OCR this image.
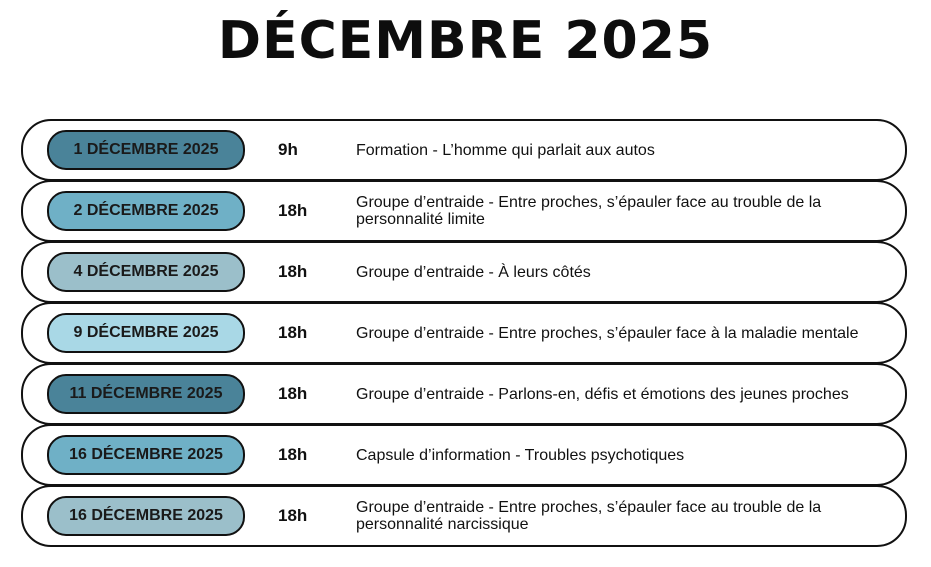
DÉCEMBRE 2025
1 DÉCEMBRE 2025	9h	Formation - L’homme qui parlait aux autos
2 DÉCEMBRE 2025	18h	Groupe d’entraide - Entre proches, s’épauler face au trouble de la personnalité limite
4 DÉCEMBRE 2025	18h	Groupe d’entraide - À leurs côtés
9 DÉCEMBRE 2025	18h	Groupe d’entraide - Entre proches, s’épauler face à la maladie mentale
11 DÉCEMBRE 2025	18h	Groupe d’entraide - Parlons-en, défis et émotions des jeunes proches
16 DÉCEMBRE 2025	18h	Capsule d’information - Troubles psychotiques
16 DÉCEMBRE 2025	18h	Groupe d’entraide - Entre proches, s’épauler face au trouble de la personnalité narcissique
